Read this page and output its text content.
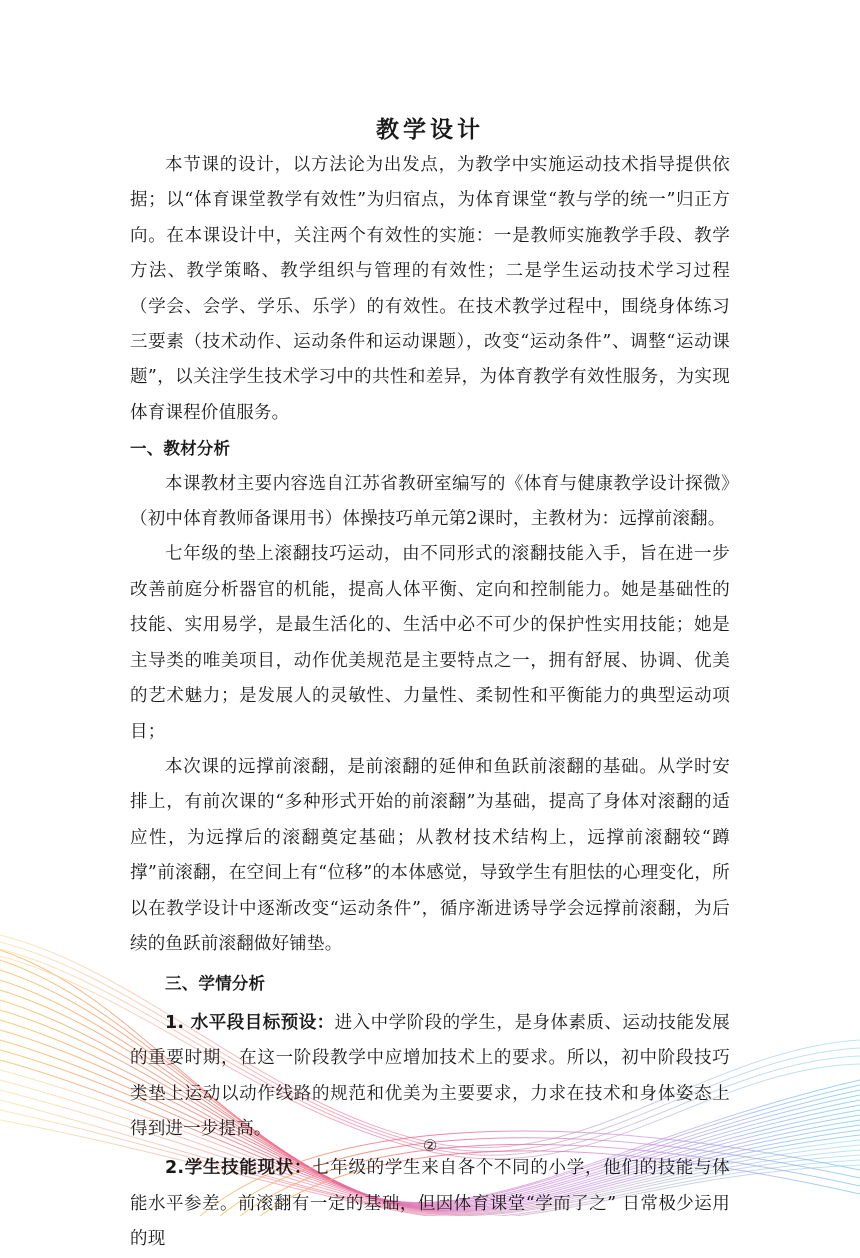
教学设计

本节课的设计，以方法论为出发点，为教学中实施运动技术指导提供依据；以“体育课堂教学有效性”为归宿点，为体育课堂“教与学的统一”归正方向。在本课设计中，关注两个有效性的实施：一是教师实施教学手段、教学方法、教学策略、教学组织与管理的有效性；二是学生运动技术学习过程（学会、会学、学乐、乐学）的有效性。在技术教学过程中，围绕身体练习三要素（技术动作、运动条件和运动课题），改变“运动条件”、调整“运动课题”，以关注学生技术学习中的共性和差异，为体育教学有效性服务，为实现体育课程价值服务。

一、教材分析

本课教材主要内容选自江苏省教研室编写的《体育与健康教学设计探微》（初中体育教师备课用书）体操技巧单元第2课时，主教材为：远撑前滚翻。

七年级的垫上滚翻技巧运动，由不同形式的滚翻技能入手，旨在进一步改善前庭分析器官的机能，提高人体平衡、定向和控制能力。她是基础性的技能、实用易学，是最生活化的、生活中必不可少的保护性实用技能；她是主导类的唯美项目，动作优美规范是主要特点之一，拥有舒展、协调、优美的艺术魅力；是发展人的灵敏性、力量性、柔韧性和平衡能力的典型运动项目；

本次课的远撑前滚翻，是前滚翻的延伸和鱼跃前滚翻的基础。从学时安排上，有前次课的“多种形式开始的前滚翻”为基础，提高了身体对滚翻的适应性，为远撑后的滚翻奠定基础；从教材技术结构上，远撑前滚翻较“蹲撑”前滚翻，在空间上有“位移”的本体感觉，导致学生有胆怯的心理变化，所以在教学设计中逐渐改变“运动条件”，循序渐进诱导学会远撑前滚翻，为后续的鱼跃前滚翻做好铺垫。

三、学情分析

1. 水平段目标预设：进入中学阶段的学生，是身体素质、运动技能发展的重要时期，在这一阶段教学中应增加技术上的要求。所以，初中阶段技巧类垫上运动以动作线路的规范和优美为主要要求，力求在技术和身体姿态上得到进一步提高。

2.学生技能现状：七年级的学生来自各个不同的小学，他们的技能与体能水平参差。前滚翻有一定的基础，但因体育课堂“学而了之” 日常极少运用的现

②
